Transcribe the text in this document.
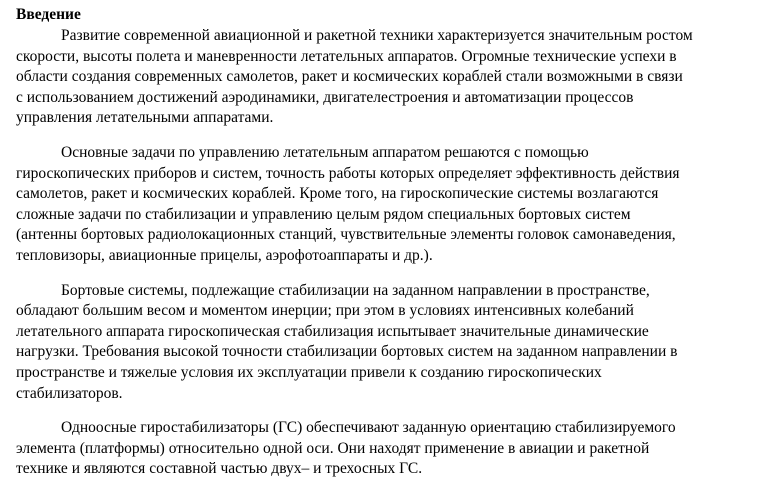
Введение
Развитие современной авиационной и ракетной техники характеризуется значительным ростом
скорости, высоты полета и маневренности летательных аппаратов. Огромные технические успехи в
области создания современных самолетов, ракет и космических кораблей стали возможными в связи
с использованием достижений аэродинамики, двигателестроения и автоматизации процессов
управления летательными аппаратами.
Основные задачи по управлению летательным аппаратом решаются с помощью
гироскопических приборов и систем, точность работы которых определяет эффективность действия
самолетов, ракет и космических кораблей. Кроме того, на гироскопические системы возлагаются
сложные задачи по стабилизации и управлению целым рядом специальных бортовых систем
(антенны бортовых радиолокационных станций, чувствительные элементы головок самонаведения,
тепловизоры, авиационные прицелы, аэрофотоаппараты и др.).
Бортовые системы, подлежащие стабилизации на заданном направлении в пространстве,
обладают большим весом и моментом инерции; при этом в условиях интенсивных колебаний
летательного аппарата гироскопическая стабилизация испытывает значительные динамические
нагрузки. Требования высокой точности стабилизации бортовых систем на заданном направлении в
пространстве и тяжелые условия их эксплуатации привели к созданию гироскопических
стабилизаторов.
Одноосные гиростабилизаторы (ГС) обеспечивают заданную ориентацию стабилизируемого
элемента (платформы) относительно одной оси. Они находят применение в авиации и ракетной
технике и являются составной частью двух– и трехосных ГС.
